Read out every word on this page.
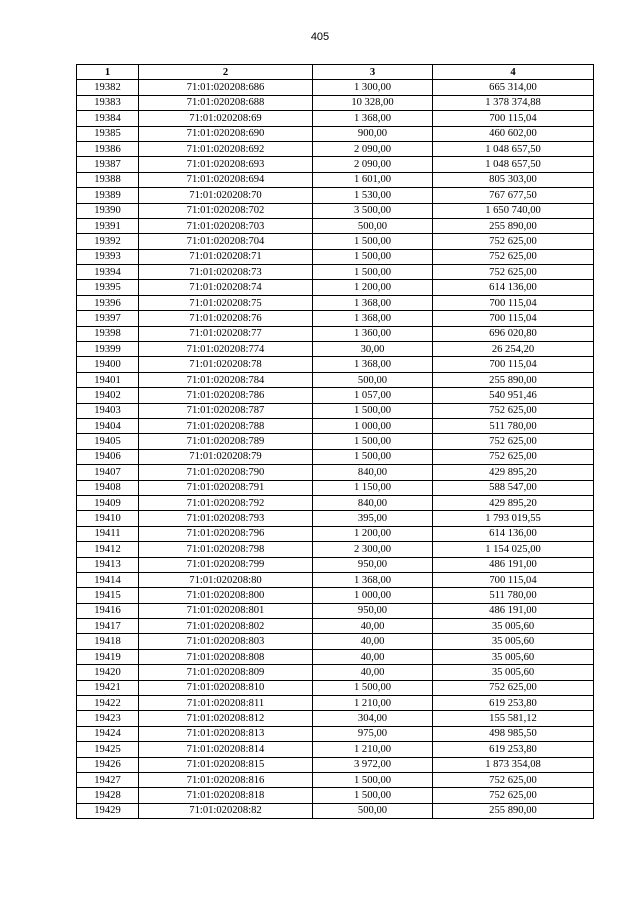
405
1	2	3	4
19382	71:01:020208:686	1 300,00	665 314,00
19383	71:01:020208:688	10 328,00	1 378 374,88
19384	71:01:020208:69	1 368,00	700 115,04
19385	71:01:020208:690	900,00	460 602,00
19386	71:01:020208:692	2 090,00	1 048 657,50
19387	71:01:020208:693	2 090,00	1 048 657,50
19388	71:01:020208:694	1 601,00	805 303,00
19389	71:01:020208:70	1 530,00	767 677,50
19390	71:01:020208:702	3 500,00	1 650 740,00
19391	71:01:020208:703	500,00	255 890,00
19392	71:01:020208:704	1 500,00	752 625,00
19393	71:01:020208:71	1 500,00	752 625,00
19394	71:01:020208:73	1 500,00	752 625,00
19395	71:01:020208:74	1 200,00	614 136,00
19396	71:01:020208:75	1 368,00	700 115,04
19397	71:01:020208:76	1 368,00	700 115,04
19398	71:01:020208:77	1 360,00	696 020,80
19399	71:01:020208:774	30,00	26 254,20
19400	71:01:020208:78	1 368,00	700 115,04
19401	71:01:020208:784	500,00	255 890,00
19402	71:01:020208:786	1 057,00	540 951,46
19403	71:01:020208:787	1 500,00	752 625,00
19404	71:01:020208:788	1 000,00	511 780,00
19405	71:01:020208:789	1 500,00	752 625,00
19406	71:01:020208:79	1 500,00	752 625,00
19407	71:01:020208:790	840,00	429 895,20
19408	71:01:020208:791	1 150,00	588 547,00
19409	71:01:020208:792	840,00	429 895,20
19410	71:01:020208:793	395,00	1 793 019,55
19411	71:01:020208:796	1 200,00	614 136,00
19412	71:01:020208:798	2 300,00	1 154 025,00
19413	71:01:020208:799	950,00	486 191,00
19414	71:01:020208:80	1 368,00	700 115,04
19415	71:01:020208:800	1 000,00	511 780,00
19416	71:01:020208:801	950,00	486 191,00
19417	71:01:020208:802	40,00	35 005,60
19418	71:01:020208:803	40,00	35 005,60
19419	71:01:020208:808	40,00	35 005,60
19420	71:01:020208:809	40,00	35 005,60
19421	71:01:020208:810	1 500,00	752 625,00
19422	71:01:020208:811	1 210,00	619 253,80
19423	71:01:020208:812	304,00	155 581,12
19424	71:01:020208:813	975,00	498 985,50
19425	71:01:020208:814	1 210,00	619 253,80
19426	71:01:020208:815	3 972,00	1 873 354,08
19427	71:01:020208:816	1 500,00	752 625,00
19428	71:01:020208:818	1 500,00	752 625,00
19429	71:01:020208:82	500,00	255 890,00
